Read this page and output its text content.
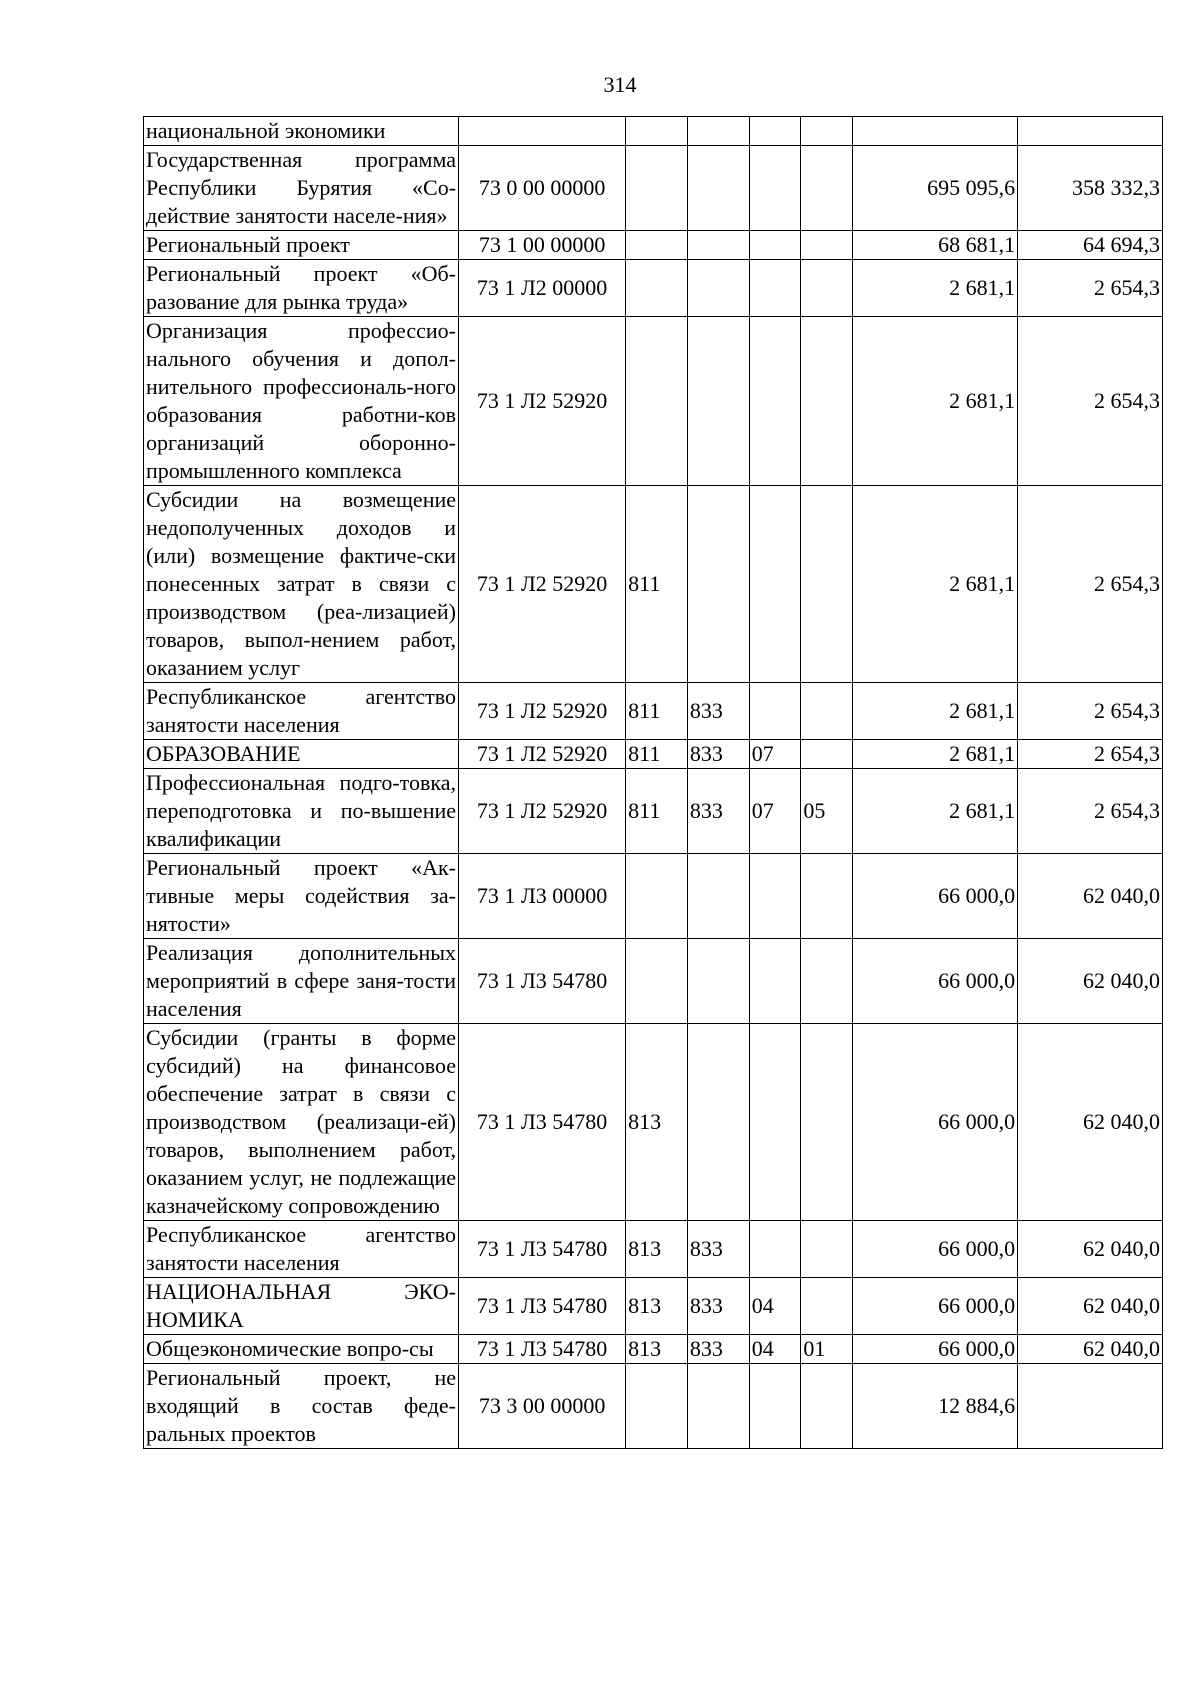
314
национальной экономики							
Государственная программа Республики Бурятия «Со-действие занятости населе-ния»	73 0 00 00000					695 095,6	358 332,3
Региональный проект	73 1 00 00000					68 681,1	64 694,3
Региональный проект «Об-разование для рынка труда»	73 1 Л2 00000					2 681,1	2 654,3
Организация профессио-нального обучения и допол-нительного профессиональ-ного образования работни-ков организаций оборонно-промышленного комплекса	73 1 Л2 52920					2 681,1	2 654,3
Субсидии на возмещение недополученных доходов и (или) возмещение фактиче-ски понесенных затрат в связи с производством (реа-лизацией) товаров, выпол-нением работ, оказанием услуг	73 1 Л2 52920	811				2 681,1	2 654,3
Республиканское агентство занятости населения	73 1 Л2 52920	811	833			2 681,1	2 654,3
ОБРАЗОВАНИЕ	73 1 Л2 52920	811	833	07		2 681,1	2 654,3
Профессиональная подго-товка, переподготовка и по-вышение квалификации	73 1 Л2 52920	811	833	07	05	2 681,1	2 654,3
Региональный проект «Ак-тивные меры содействия за-нятости»	73 1 Л3 00000					66 000,0	62 040,0
Реализация дополнительных мероприятий в сфере заня-тости населения	73 1 Л3 54780					66 000,0	62 040,0
Субсидии (гранты в форме субсидий) на финансовое обеспечение затрат в связи с производством (реализаци-ей) товаров, выполнением работ, оказанием услуг, не подлежащие казначейскому сопровождению	73 1 Л3 54780	813				66 000,0	62 040,0
Республиканское агентство занятости населения	73 1 Л3 54780	813	833			66 000,0	62 040,0
НАЦИОНАЛЬНАЯ ЭКО-НОМИКА	73 1 Л3 54780	813	833	04		66 000,0	62 040,0
Общеэкономические вопро-сы	73 1 Л3 54780	813	833	04	01	66 000,0	62 040,0
Региональный проект, не входящий в состав феде-ральных проектов	73 3 00 00000					12 884,6	
